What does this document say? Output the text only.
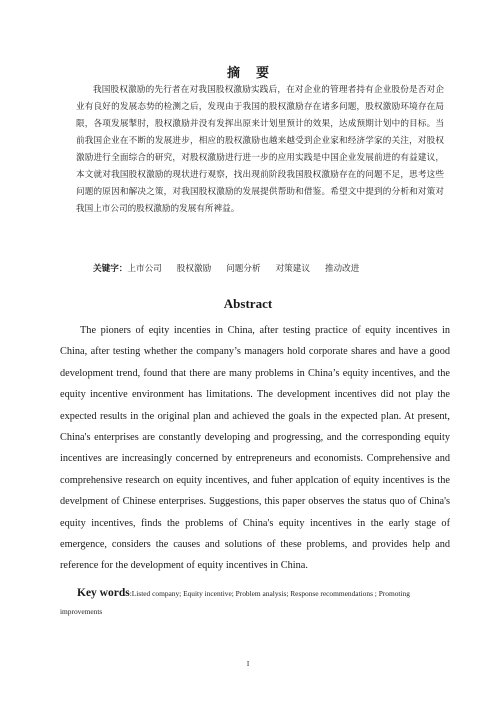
摘要

我国股权激励的先行者在对我国股权激励实践后，在对企业的管理者持有企业股份是否对企业有良好的发展态势的检测之后，发现由于我国的股权激励存在诸多问题，股权激励环境存在局限，各项发展掣肘，股权激励并没有发挥出原来计划里预计的效果，达成预期计划中的目标。当前我国企业在不断的发展进步，相应的股权激励也越来越受到企业家和经济学家的关注，对股权激励进行全面综合的研究，对股权激励进行进一步的应用实践是中国企业发展前进的有益建议，本文就对我国股权激励的现状进行观察，找出现前阶段我国股权激励存在的问题不足，思考这些问题的原因和解决之策，对我国股权激励的发展提供帮助和借鉴。希望文中提到的分析和对策对我国上市公司的股权激励的发展有所裨益。

关键字：上市公司 股权激励 问题分析 对策建议 推动改进

Abstract

The pioners of eqity incenties in China, after testing practice of equity incentives in China, after testing whether the company’s managers hold corporate shares and have a good development trend, found that there are many problems in China’s equity incentives, and the equity incentive environment has limitations. The development incentives did not play the expected results in the original plan and achieved the goals in the expected plan. At present, China's enterprises are constantly developing and progressing, and the corresponding equity incentives are increasingly concerned by entrepreneurs and economists. Comprehensive and comprehensive research on equity incentives, and fuher applcation of equity incentives is the develpment of Chinese enterprises. Suggestions, this paper observes the status quo of China's equity incentives, finds the problems of China's equity incentives in the early stage of emergence, considers the causes and solutions of these problems, and provides help and reference for the development of equity incentives in China.

Key words:Listed company; Equity incentive; Problem analysis; Response recommendations ; Promoting improvements

I
